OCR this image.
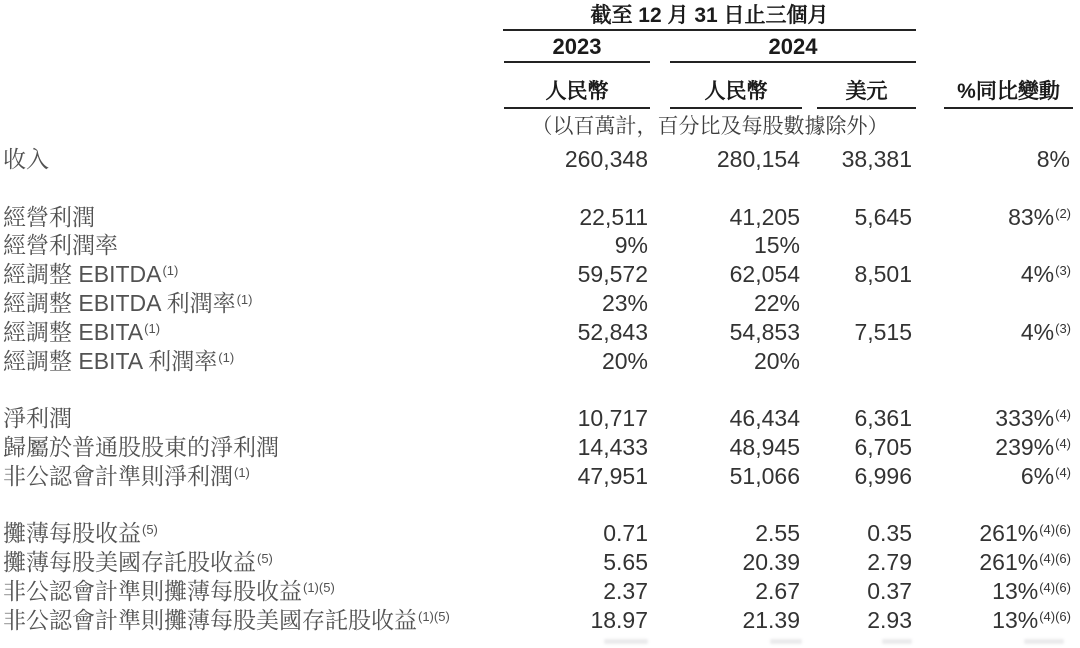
截至 12 月 31 日止三個月
2023	2024
人民幣	人民幣	美元	%同比變動
（以百萬計，百分比及每股數據除外）
收入	260,348	280,154	38,381	8%
經營利潤	22,511	41,205	5,645	83%$^{(2)}$
經營利潤率	9%	15%
經調整 EBITDA$^{(1)}$	59,572	62,054	8,501	4%$^{(3)}$
經調整 EBITDA 利潤率$^{(1)}$	23%	22%
經調整 EBITA$^{(1)}$	52,843	54,853	7,515	4%$^{(3)}$
經調整 EBITA 利潤率$^{(1)}$	20%	20%
淨利潤	10,717	46,434	6,361	333%$^{(4)}$
歸屬於普通股股東的淨利潤	14,433	48,945	6,705	239%$^{(4)}$
非公認會計準則淨利潤$^{(1)}$	47,951	51,066	6,996	6%$^{(4)}$
攤薄每股收益$^{(5)}$	0.71	2.55	0.35	261%$^{(4)(6)}$
攤薄每股美國存託股收益$^{(5)}$	5.65	20.39	2.79	261%$^{(4)(6)}$
非公認會計準則攤薄每股收益$^{(1)(5)}$	2.37	2.67	0.37	13%$^{(4)(6)}$
非公認會計準則攤薄每股美國存託股收益$^{(1)(5)}$	18.97	21.39	2.93	13%$^{(4)(6)}$
